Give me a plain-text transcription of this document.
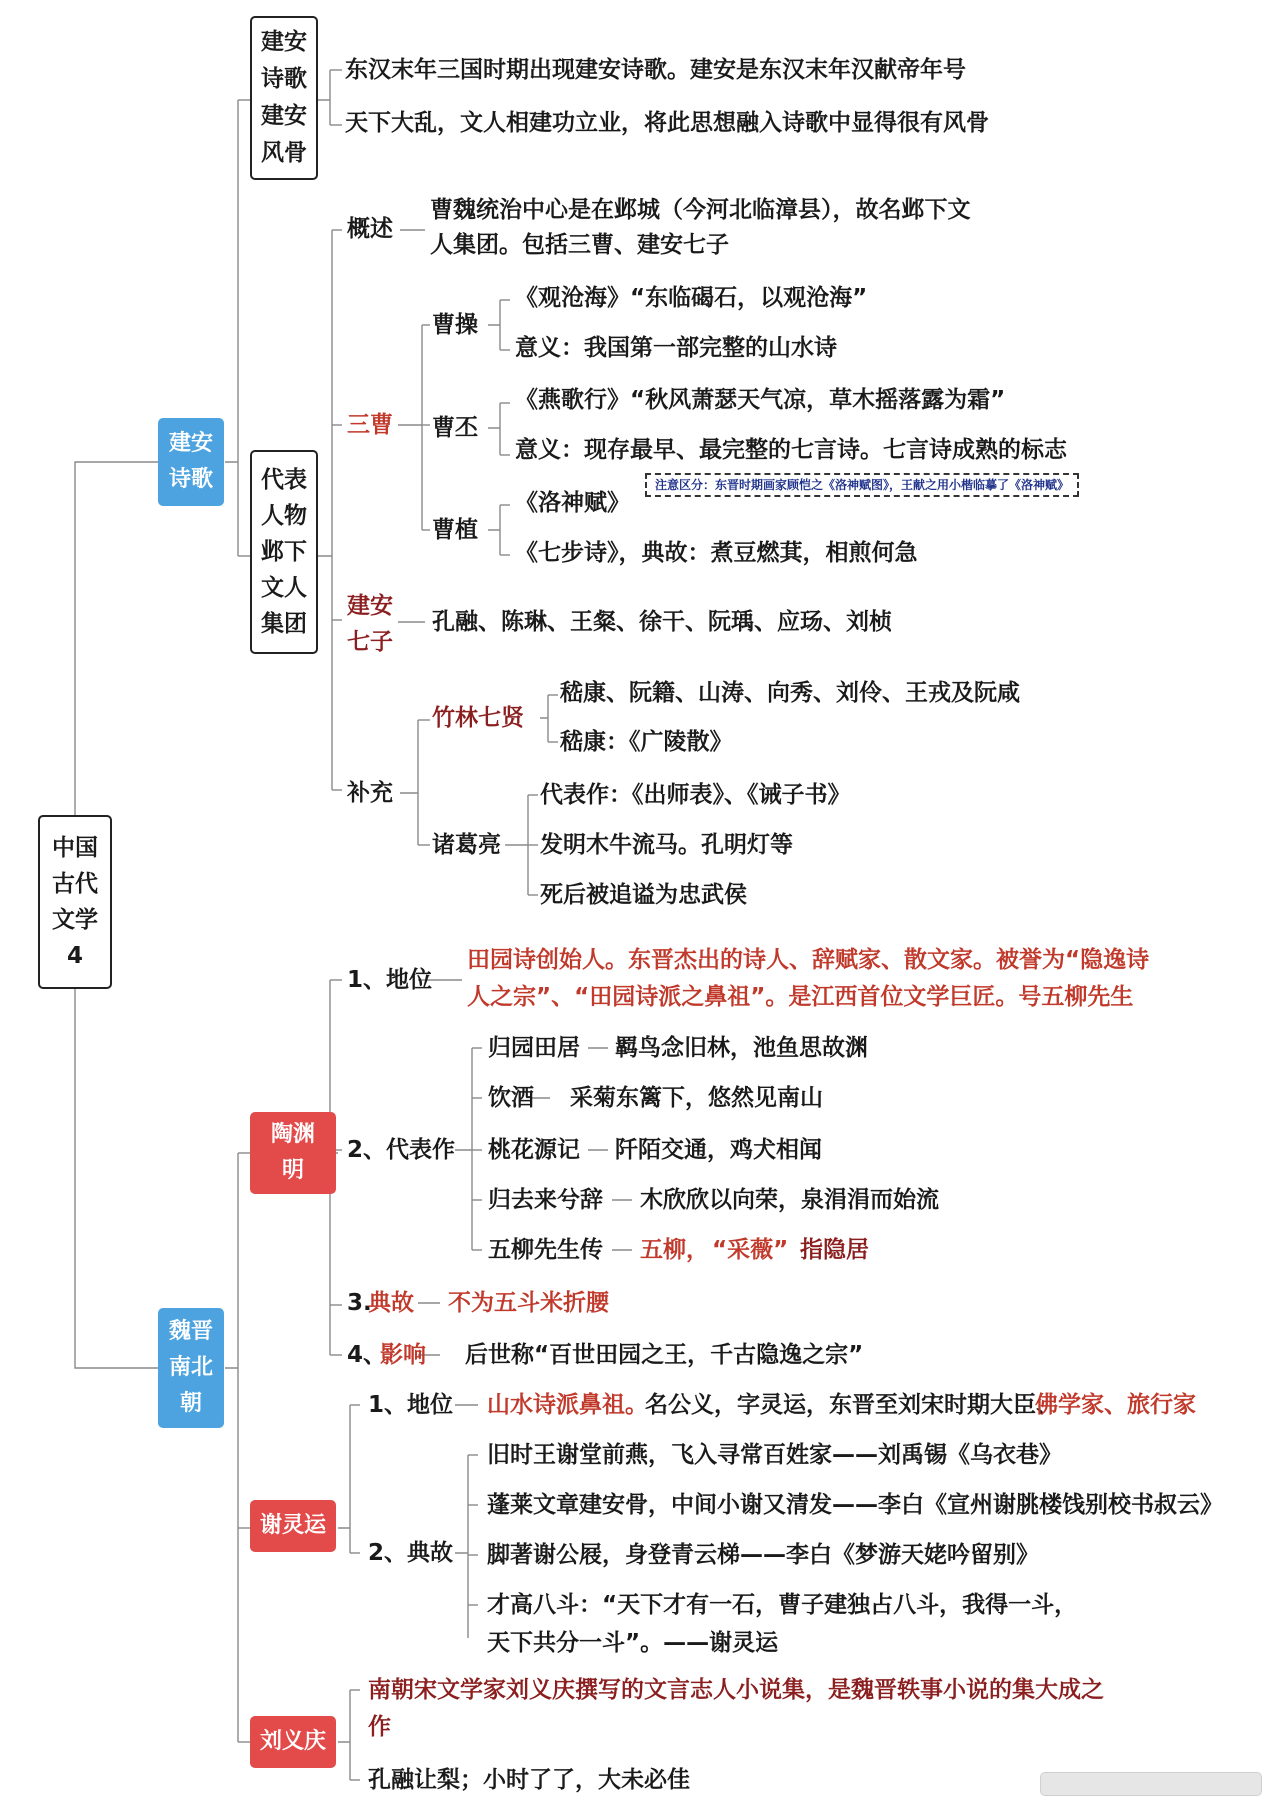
中国
古代
文学
4
建安
诗歌
建安
诗歌
建安
风骨
东汉末年三国时期出现建安诗歌。建安是东汉末年汉献帝年号
天下大乱，文人相建功立业，将此思想融入诗歌中显得很有风骨
代表
人物
邺下
文人
集团
概述
曹魏统治中心是在邺城（今河北临漳县），故名邺下文
人集团。包括三曹、建安七子
三曹
曹操
《观沧海》“东临碣石，以观沧海”
意义：我国第一部完整的山水诗
曹丕
《燕歌行》“秋风萧瑟天气凉，草木摇落露为霜”
意义：现存最早、最完整的七言诗。七言诗成熟的标志
曹植
《洛神赋》
《七步诗》，典故：煮豆燃萁，相煎何急
注意区分：东晋时期画家顾恺之《洛神赋图》，王献之用小楷临摹了《洛神赋》
建安
七子
孔融、陈琳、王粲、徐干、阮瑀、应玚、刘桢
补充
竹林七贤
嵇康、阮籍、山涛、向秀、刘伶、王戎及阮咸
嵇康：《广陵散》
诸葛亮
代表作：《出师表》、《诫子书》
发明木牛流马。孔明灯等
死后被追谥为忠武侯
魏晋
南北
朝
陶渊
明
1、地位
田园诗创始人。东晋杰出的诗人、辞赋家、散文家。被誉为“隐逸诗
人之宗”、“田园诗派之鼻祖”。是江西首位文学巨匠。号五柳先生
2、代表作
归园田居 羁鸟念旧林，池鱼思故渊
饮酒 采菊东篱下，悠然见南山
桃花源记 阡陌交通，鸡犬相闻
归去来兮辞 木欣欣以向荣，泉涓涓而始流
五柳先生传 五柳， “采薇” 指隐居
3.
典故 不为五斗米折腰
4、
影响 后世称“百世田园之王，千古隐逸之宗”
谢灵运
1、地位 山水诗派鼻祖。
名公义，字灵运，东晋至刘宋时期大臣、
佛学家、旅行家
2、典故
旧时王谢堂前燕，飞入寻常百姓家——刘禹锡《乌衣巷》
蓬莱文章建安骨，中间小谢又清发——李白《宣州谢朓楼饯别校书叔云》
脚著谢公屐，身登青云梯——李白《梦游天姥吟留别》
才高八斗：“天下才有一石，曹子建独占八斗，我得一斗，
天下共分一斗”。——谢灵运
刘义庆
南朝宋文学家刘义庆撰写的文言志人小说集，是魏晋轶事小说的集大成之
作
孔融让梨；小时了了，大未必佳
